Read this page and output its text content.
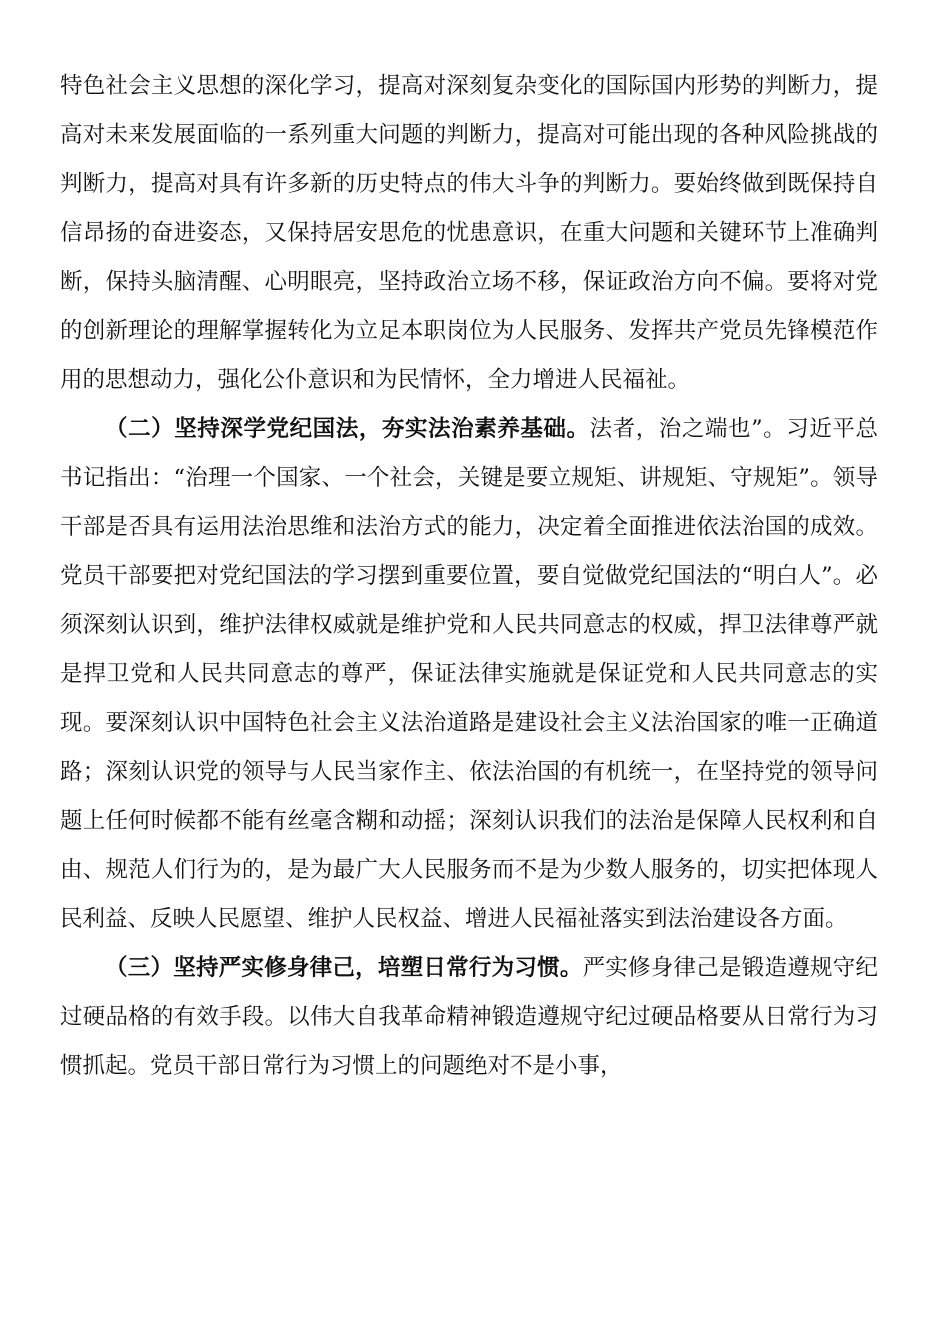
特色社会主义思想的深化学习，提高对深刻复杂变化的国际国内形势的判断力，提高对未来发展面临的一系列重大问题的判断力，提高对可能出现的各种风险挑战的判断力，提高对具有许多新的历史特点的伟大斗争的判断力。要始终做到既保持自信昂扬的奋进姿态，又保持居安思危的忧患意识，在重大问题和关键环节上准确判断，保持头脑清醒、心明眼亮，坚持政治立场不移，保证政治方向不偏。要将对党的创新理论的理解掌握转化为立足本职岗位为人民服务、发挥共产党员先锋模范作用的思想动力，强化公仆意识和为民情怀，全力增进人民福祉。

（二）坚持深学党纪国法，夯实法治素养基础。法者，治之端也”。习近平总书记指出：“治理一个国家、一个社会，关键是要立规矩、讲规矩、守规矩”。领导干部是否具有运用法治思维和法治方式的能力，决定着全面推进依法治国的成效。党员干部要把对党纪国法的学习摆到重要位置，要自觉做党纪国法的“明白人”。必须深刻认识到，维护法律权威就是维护党和人民共同意志的权威，捍卫法律尊严就是捍卫党和人民共同意志的尊严，保证法律实施就是保证党和人民共同意志的实现。要深刻认识中国特色社会主义法治道路是建设社会主义法治国家的唯一正确道路；深刻认识党的领导与人民当家作主、依法治国的有机统一，在坚持党的领导问题上任何时候都不能有丝毫含糊和动摇；深刻认识我们的法治是保障人民权利和自由、规范人们行为的，是为最广大人民服务而不是为少数人服务的，切实把体现人民利益、反映人民愿望、维护人民权益、增进人民福祉落实到法治建设各方面。

（三）坚持严实修身律己，培塑日常行为习惯。严实修身律己是锻造遵规守纪过硬品格的有效手段。以伟大自我革命精神锻造遵规守纪过硬品格要从日常行为习惯抓起。党员干部日常行为习惯上的问题绝对不是小事，
